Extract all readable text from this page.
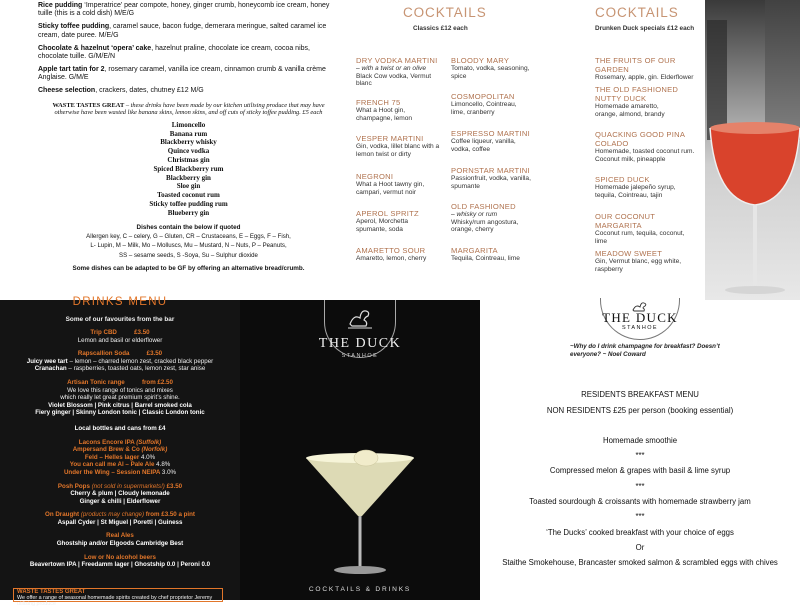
Rice pudding ‘Imperatrice’ pear compote, honey, ginger crumb, honeycomb ice cream, honey tuille (this is a cold dish) M/E/G
Sticky toffee pudding, caramel sauce, bacon fudge, demerara meringue, salted caramel ice cream, date puree. M/E/G
Chocolate & hazelnut ‘opera’ cake, hazelnut praline, chocolate ice cream, cocoa nibs, chocolate tuille. G/M/E/N
Apple tart tatin for 2, rosemary caramel, vanilla ice cream, cinnamon crumb & vanilla crème Anglaise. G/M/E
Cheese selection, crackers, dates, chutney £12 M/G
WASTE TASTES GREAT – these drinks have been made by our kitchen utilising produce that may have otherwise have been wasted like banana skins, lemon skins, and off cuts of sticky toffee pudding. £5 each
Limoncello
Banana rum
Blackberry whisky
Quince vodka
Christmas gin
Spiced Blackberry rum
Blackberry gin
Sloe gin
Toasted coconut rum
Sticky toffee pudding rum
Blueberry gin
Dishes contain the below if quoted
Allergen key, C – celery, G – Gluten, CR – Crustaceans, E – Eggs, F – Fish,
L- Lupin, M – Milk, Mo – Molluscs, Mu – Mustard, N – Nuts, P – Peanuts,
SS – sesame seeds, S -Soya, Su – Sulphur dioxide
Some dishes can be adapted to be GF by offering an alternative bread/crumb.
COCKTAILS
Classics £12 each
DRY VODKA MARTINI
– with a twist or an olive
Black Cow vodka, Vermut blanc
FRENCH 75
What a Hoot gin, champagne, lemon
VESPER MARTINI
Gin, vodka, lillet blanc with a lemon twist or dirty
NEGRONI
What a Hoot tawny gin, campari, vermut noir
APEROL SPRITZ
Aperol, Morchetta spumante, soda
AMARETTO SOUR
Amaretto, lemon, cherry
BLOODY MARY
Tomato, vodka, seasoning, spice
COSMOPOLITAN
Limoncello, Cointreau, lime, cranberry
ESPRESSO MARTINI
Coffee liqueur, vanilla, vodka, coffee
PORNSTAR MARTINI
Passionfruit, vodka, vanilla, spumante
OLD FASHIONED
– whisky or rum
Whisky/rum angostura, orange, cherry
MARGARITA
Tequila, Cointreau, lime
COCKTAILS
Drunken Duck specials £12 each
THE FRUITS OF OUR GARDEN
Rosemary, apple, gin. Elderflower
THE OLD FASHIONED NUTTY DUCK
Homemade amaretto, orange, almond, brandy
QUACKING GOOD PINA COLADO
Homemade, toasted coconut rum. Coconut milk, pineapple
SPICED DUCK
Homemade jalepeño syrup, tequila, Cointreau, tajin
OUR COCONUT MARGARITA
Coconut rum, tequila, coconut, lime
MEADOW SWEET
Gin, Vermut blanc, egg white, raspberry
DRINKS MENU
Some of our favourites from the bar
Trip CBD	£3.50
Lemon and basil or elderflower
Rapscallion Soda	£3.50
Juicy wee tart – lemon – charred lemon zest, cracked black pepper
Cranachan – raspberries, toasted oats, lemon zest, star anise
Artisan Tonic range	from £2.50
We love this range of tonics and mixes
which really let great premium spirit’s shine.
Violet Blossom | Pink citrus | Barrel smoked cola
Fiery ginger | Skinny London tonic | Classic London tonic
Local bottles and cans from £4
Lacons Encore IPA (Suffolk)
Ampersand Brew & Co (Norfolk)
Feld – Helles lager 4.0%
You can call me Al – Pale Ale 4.8%
Under the Wing – Session NEIPA 3.0%
Posh Pops (not sold in supermarkets!) £3.50
Cherry & plum | Cloudy lemonade
Ginger & chilli | Elderflower
On Draught (products may change) from £3.50 a pint
Aspall Cyder | St Miguel | Poretti | Guiness
Real Ales
Ghostship and/or Elgoods Cambridge Best
Low or No alcohol beers
Beavertown IPA | Freedamm lager | Ghostship 0.0 | Peroni 0.0
WASTE TASTES GREAT
We offer a range of seasonal homemade spirits created by chef proprietor Jeremy utilising produce
THE DUCK
STANHOE
COCKTAILS & DRINKS
THE DUCK
STANHOE
~Why do I drink champagne for breakfast? Doesn’t everyone? ~ Noel Coward
RESIDENTS BREAKFAST MENU
NON RESIDENTS £25 per person (booking essential)
Homemade smoothie
***
Compressed melon & grapes with basil & lime syrup
***
Toasted sourdough & croissants with homemade strawberry jam
***
‘The Ducks’ cooked breakfast with your choice of eggs
Or
Staithe Smokehouse, Brancaster smoked salmon & scrambled eggs with chives
